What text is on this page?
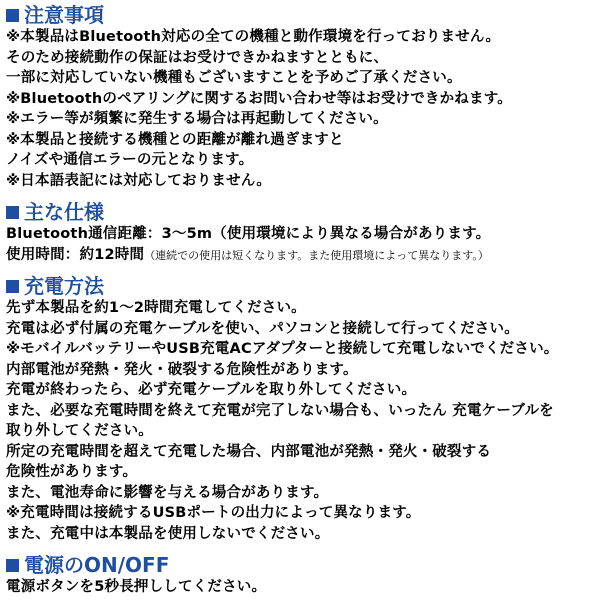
注意事項
※本製品はBluetooth対応の全ての機種と動作環境を行っておりません。
そのため接続動作の保証はお受けできかねますとともに、
一部に対応していない機種もございますことを予めご了承ください。
※Bluetoothのペアリングに関するお問い合わせ等はお受けできかねます。
※エラー等が頻繁に発生する場合は再起動してください。
※本製品と接続する機種との距離が離れ過ぎますと
ノイズや通信エラーの元となります。
※日本語表記には対応しておりません。
主な仕様
Bluetooth通信距離：3〜5m（使用環境により異なる場合があります。
使用時間：約12時間 （連続での使用は短くなります。また使用環境によって異なります。）
充電方法
先ず本製品を約1〜2時間充電してください。
充電は必ず付属の充電ケーブルを使い、パソコンと接続して行ってください。
※モバイルバッテリーやUSB充電ACアダプターと接続して充電しないでください。
内部電池が発熱・発火・破裂する危険性があります。
充電が終わったら、必ず充電ケーブルを取り外してください。
また、必要な充電時間を終えて充電が完了しない場合も、いったん 充電ケーブルを
取り外してください。
所定の充電時間を超えて充電した場合、内部電池が発熱・発火・破裂する
危険性があります。
また、電池寿命に影響を与える場合があります。
※充電時間は接続するUSBポートの出力によって異なります。
また、充電中は本製品を使用しないでください。
電源のON/OFF
電源ボタンを5秒長押ししてください。
